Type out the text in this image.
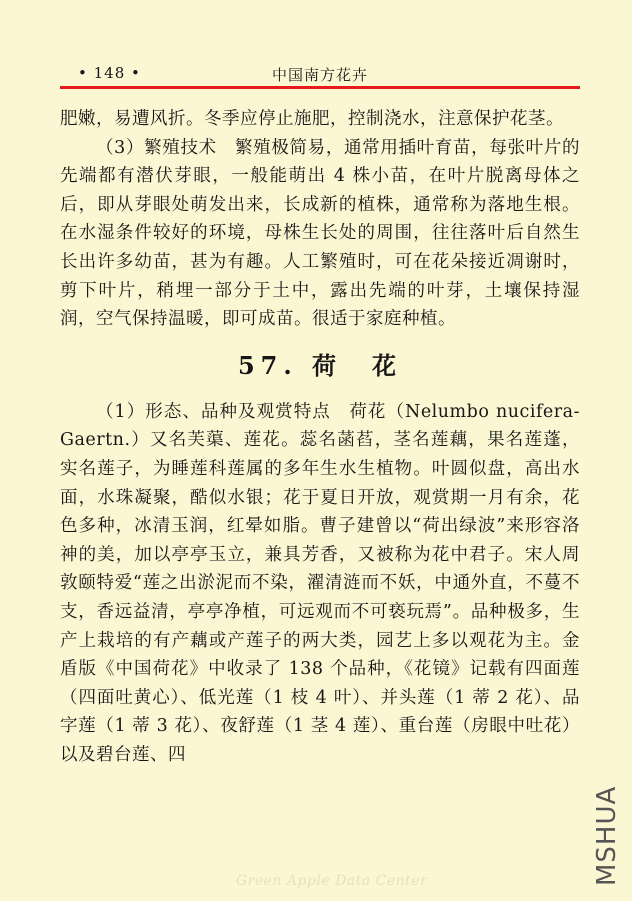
• 148 •	中国南方花卉

肥嫩，易遭风折。冬季应停止施肥，控制浇水，注意保护花茎。

（3）繁殖技术　繁殖极简易，通常用插叶育苗，每张叶片的先端都有潜伏芽眼，一般能萌出 4 株小苗，在叶片脱离母体之后，即从芽眼处萌发出来，长成新的植株，通常称为落地生根。在水湿条件较好的环境，母株生长处的周围，往往落叶后自然生长出许多幼苗，甚为有趣。人工繁殖时，可在花朵接近凋谢时，剪下叶片，稍埋一部分于土中，露出先端的叶芽，土壤保持湿润，空气保持温暖，即可成苗。很适于家庭种植。

57. 荷　花

（1）形态、品种及观赏特点　荷花（Nelumbo nucifera-Gaertn.）又名芙蕖、莲花。蕊名菡萏，茎名莲藕，果名莲蓬，实名莲子，为睡莲科莲属的多年生水生植物。叶圆似盘，高出水面，水珠凝聚，酷似水银；花于夏日开放，观赏期一月有余，花色多种，冰清玉润，红晕如脂。曹子建曾以“荷出绿波”来形容洛神的美，加以亭亭玉立，兼具芳香，又被称为花中君子。宋人周敦颐特爱“莲之出淤泥而不染，濯清涟而不妖，中通外直，不蔓不支，香远益清，亭亭净植，可远观而不可亵玩焉”。品种极多，生产上栽培的有产藕或产莲子的两大类，园艺上多以观花为主。金盾版《中国荷花》中收录了 138 个品种，《花镜》记载有四面莲（四面吐黄心）、低光莲（1 枝 4 叶）、并头莲（1 蒂 2 花）、品字莲（1 蒂 3 花）、夜舒莲（1 茎 4 莲）、重台莲（房眼中吐花）以及碧台莲、四

Green Apple Data Center	MSHUA
